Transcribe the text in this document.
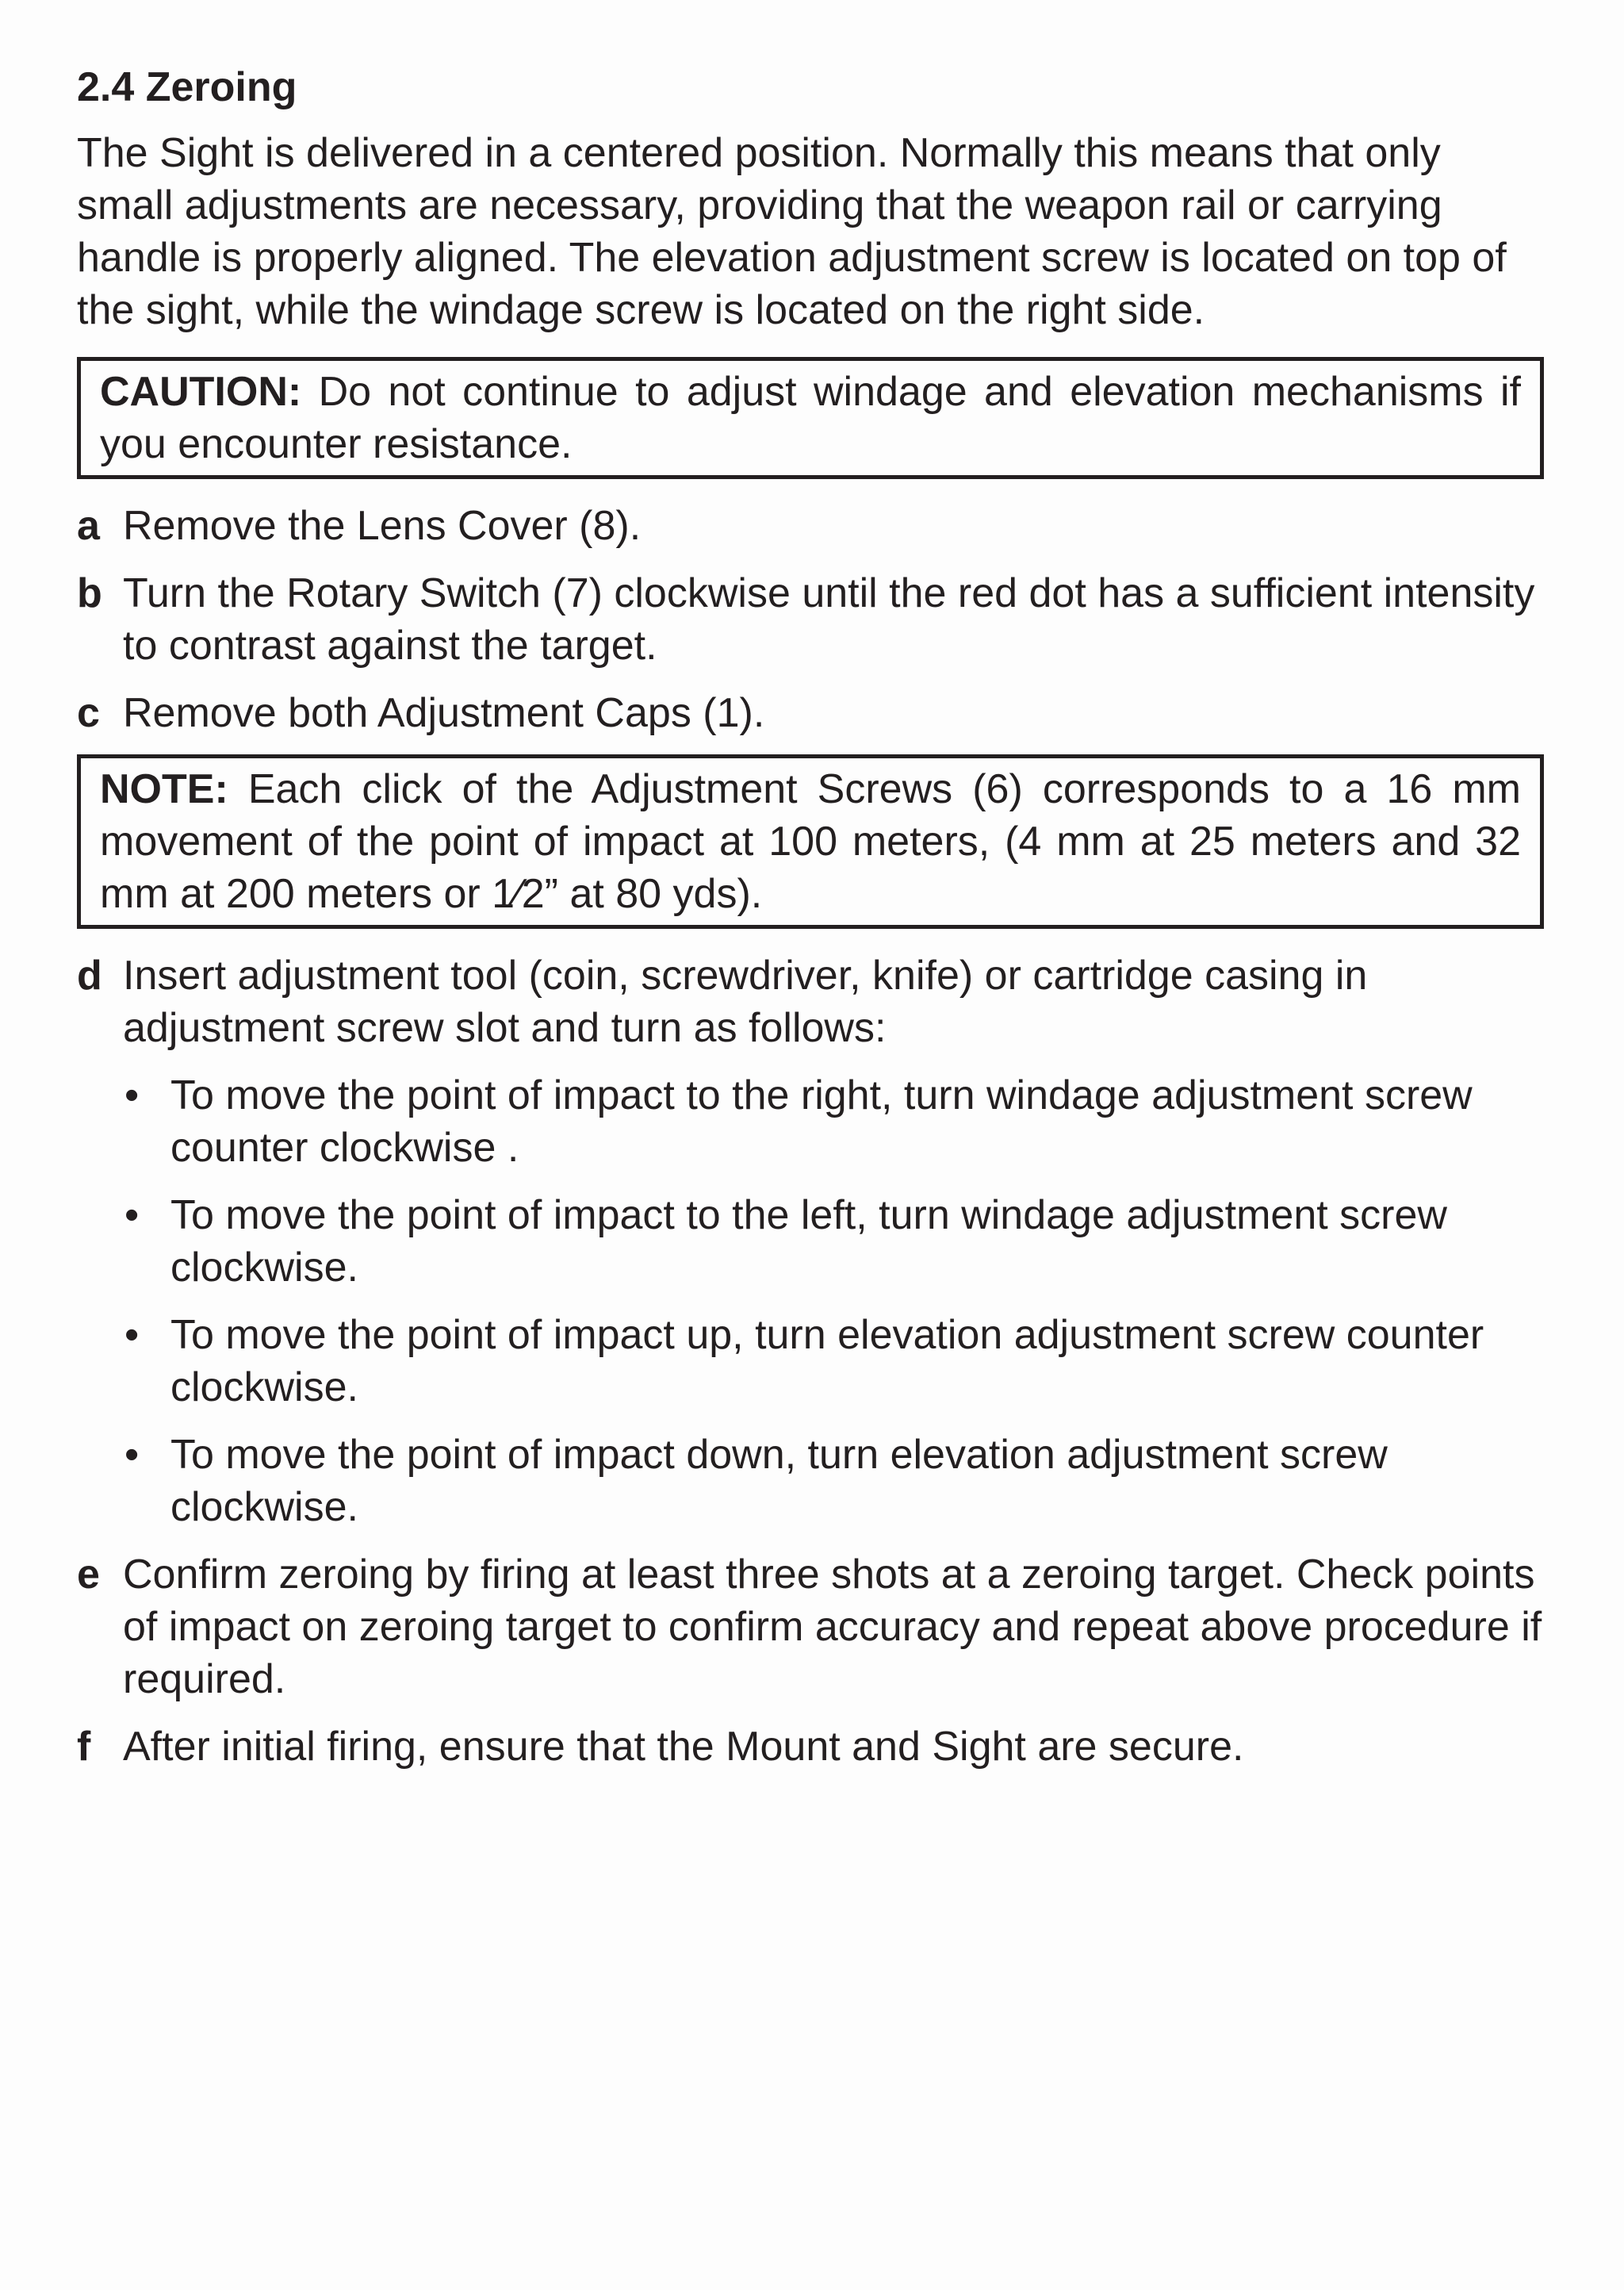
2.4 Zeroing
The Sight is delivered in a centered position. Normally this means that only small adjustments are necessary, providing that the weapon rail or carrying handle is properly aligned. The elevation adjustment screw is located on top of the sight, while the windage screw is located on the right side.
CAUTION: Do not continue to adjust windage and elevation mechanisms if you encounter resistance.
a Remove the Lens Cover (8).
b Turn the Rotary Switch (7) clockwise until the red dot has a sufficient intensity to contrast against the target.
c Remove both Adjustment Caps (1).
NOTE: Each click of the Adjustment Screws (6) corresponds to a 16 mm movement of the point of impact at 100 meters, (4 mm at 25 meters and 32 mm at 200 meters or 1⁄2” at 80 yds).
d Insert adjustment tool (coin, screwdriver, knife) or cartridge casing in adjustment screw slot and turn as follows:
• To move the point of impact to the right, turn windage adjustment screw counter clockwise .
• To move the point of impact to the left, turn windage adjustment screw clockwise.
• To move the point of impact up, turn elevation adjustment screw counter clockwise.
• To move the point of impact down, turn elevation adjustment screw clockwise.
e Confirm zeroing by firing at least three shots at a zeroing target. Check points of impact on zeroing target to confirm accuracy and repeat above procedure if required.
f After initial firing, ensure that the Mount and Sight are secure.
